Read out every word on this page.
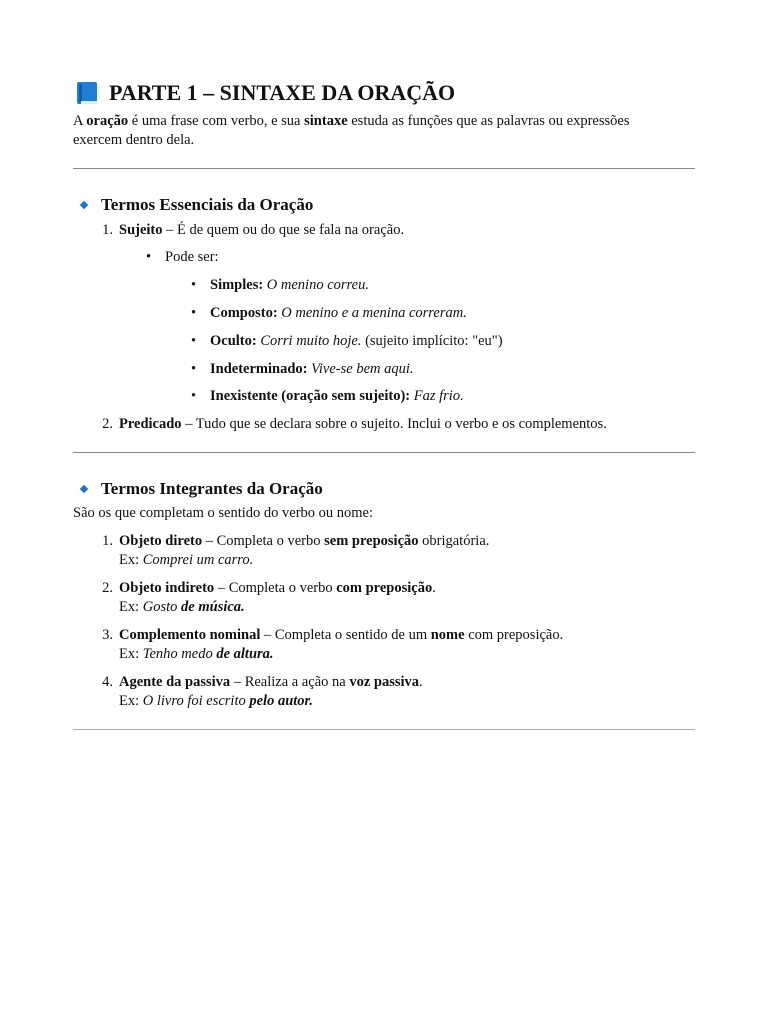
PARTE 1 – SINTAXE DA ORAÇÃO
A oração é uma frase com verbo, e sua sintaxe estuda as funções que as palavras ou expressões
exercem dentro dela.
Termos Essenciais da Oração
1. Sujeito – É de quem ou do que se fala na oração.
• Pode ser:
• Simples: O menino correu.
• Composto: O menino e a menina correram.
• Oculto: Corri muito hoje. (sujeito implícito: "eu")
• Indeterminado: Vive-se bem aqui.
• Inexistente (oração sem sujeito): Faz frio.
2. Predicado – Tudo que se declara sobre o sujeito. Inclui o verbo e os complementos.
Termos Integrantes da Oração
São os que completam o sentido do verbo ou nome:
1. Objeto direto – Completa o verbo sem preposição obrigatória.
Ex: Comprei um carro.
2. Objeto indireto – Completa o verbo com preposição.
Ex: Gosto de música.
3. Complemento nominal – Completa o sentido de um nome com preposição.
Ex: Tenho medo de altura.
4. Agente da passiva – Realiza a ação na voz passiva.
Ex: O livro foi escrito pelo autor.
